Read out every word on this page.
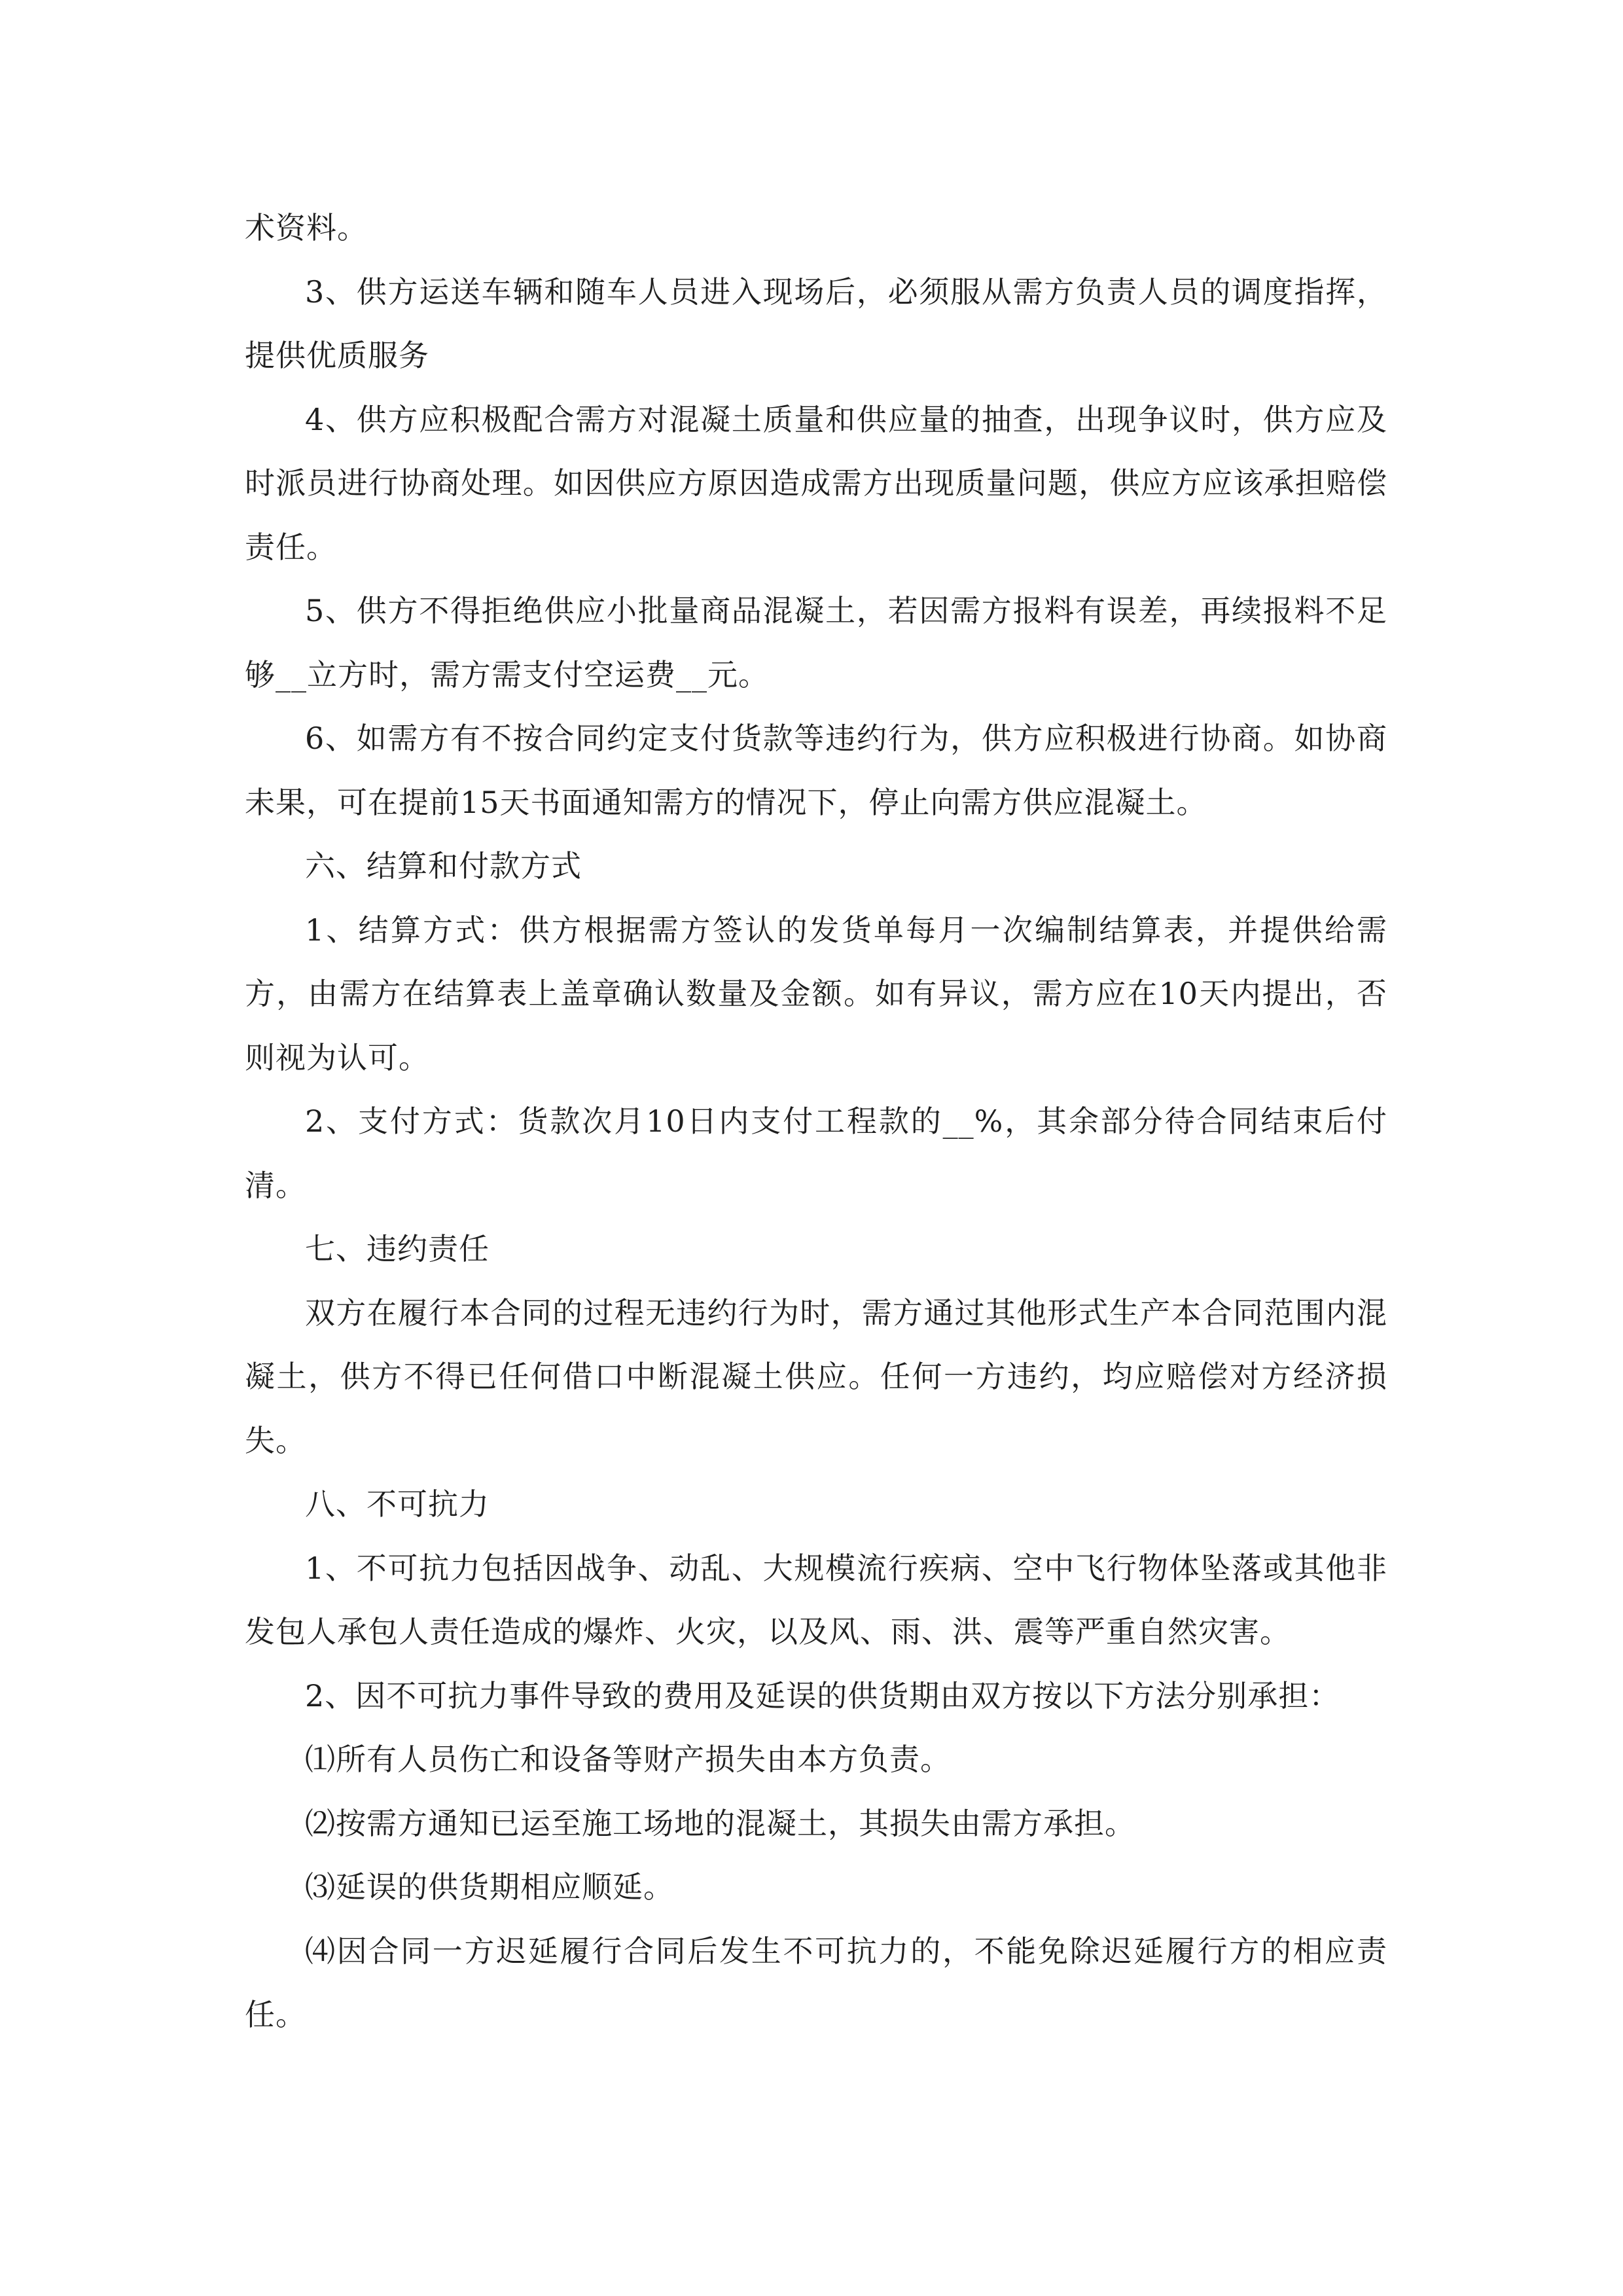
术资料。

3、供方运送车辆和随车人员进入现场后，必须服从需方负责人员的调度指挥，提供优质服务

4、供方应积极配合需方对混凝土质量和供应量的抽查，出现争议时，供方应及时派员进行协商处理。如因供应方原因造成需方出现质量问题，供应方应该承担赔偿责任。

5、供方不得拒绝供应小批量商品混凝土，若因需方报料有误差，再续报料不足够__立方时，需方需支付空运费__元。

6、如需方有不按合同约定支付货款等违约行为，供方应积极进行协商。如协商未果，可在提前15天书面通知需方的情况下，停止向需方供应混凝土。

六、结算和付款方式

1、结算方式：供方根据需方签认的发货单每月一次编制结算表，并提供给需方，由需方在结算表上盖章确认数量及金额。如有异议，需方应在10天内提出，否则视为认可。

2、支付方式：货款次月10日内支付工程款的__%，其余部分待合同结束后付清。

七、违约责任

双方在履行本合同的过程无违约行为时，需方通过其他形式生产本合同范围内混凝土，供方不得已任何借口中断混凝土供应。任何一方违约，均应赔偿对方经济损失。

八、不可抗力

1、不可抗力包括因战争、动乱、大规模流行疾病、空中飞行物体坠落或其他非发包人承包人责任造成的爆炸、火灾，以及风、雨、洪、震等严重自然灾害。

2、因不可抗力事件导致的费用及延误的供货期由双方按以下方法分别承担：

⑴所有人员伤亡和设备等财产损失由本方负责。

⑵按需方通知已运至施工场地的混凝土，其损失由需方承担。

⑶延误的供货期相应顺延。

⑷因合同一方迟延履行合同后发生不可抗力的，不能免除迟延履行方的相应责任。
